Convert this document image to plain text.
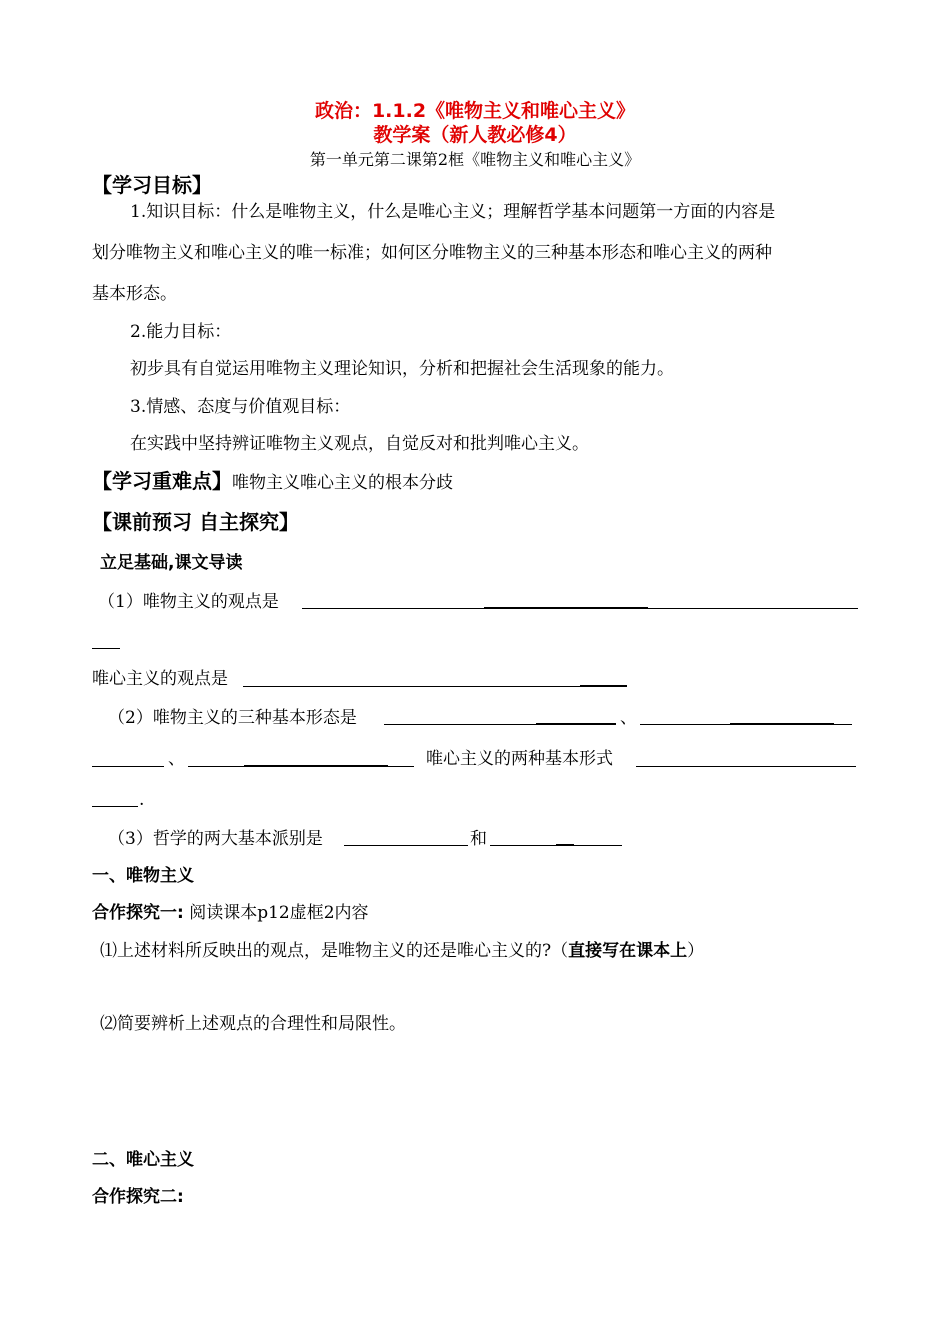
政治：1.1.2《唯物主义和唯心主义》
教学案（新人教必修4）
第一单元第二课第2框《唯物主义和唯心主义》
【学习目标】
1.知识目标：什么是唯物主义，什么是唯心主义；理解哲学基本问题第一方面的内容是
划分唯物主义和唯心主义的唯一标准；如何区分唯物主义的三种基本形态和唯心主义的两种
基本形态。
2.能力目标：
初步具有自觉运用唯物主义理论知识，分析和把握社会生活现象的能力。
3.情感、态度与价值观目标：
在实践中坚持辨证唯物主义观点，自觉反对和批判唯心主义。
【学习重难点】唯物主义唯心主义的根本分歧
【课前预习 自主探究】
立足基础,课文导读
（1）唯物主义的观点是
唯心主义的观点是
（2）唯物主义的三种基本形态是	、
、	唯心主义的两种基本形式
.
（3）哲学的两大基本派别是	和
一、唯物主义
合作探究一: 阅读课本p12虚框2内容
⑴上述材料所反映出的观点，是唯物主义的还是唯心主义的?（直接写在课本上）
⑵简要辨析上述观点的合理性和局限性。
二、唯心主义
合作探究二:
